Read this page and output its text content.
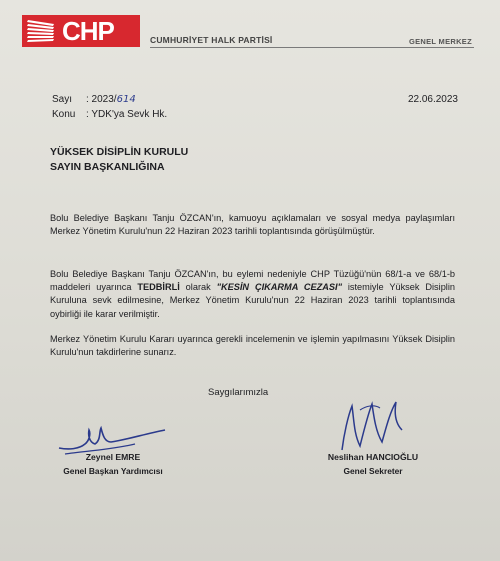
CHP	CUMHURİYET HALK PARTİSİ	GENEL MERKEZ
Sayı : 2023/614
Konu : YDK'ya Sevk Hk.
22.06.2023
YÜKSEK DİSİPLİN KURULU
SAYIN BAŞKANLIĞINA
Bolu Belediye Başkanı Tanju ÖZCAN'ın, kamuoyu açıklamaları ve sosyal medya paylaşımları Merkez Yönetim Kurulu'nun 22 Haziran 2023 tarihli toplantısında görüşülmüştür.
Bolu Belediye Başkanı Tanju ÖZCAN'ın, bu eylemi nedeniyle CHP Tüzüğü'nün 68/1-a ve 68/1-b maddeleri uyarınca TEDBİRLİ olarak "KESİN ÇIKARMA CEZASI" istemiyle Yüksek Disiplin Kuruluna sevk edilmesine, Merkez Yönetim Kurulu'nun 22 Haziran 2023 tarihli toplantısında oybirliği ile karar verilmiştir.
Merkez Yönetim Kurulu Kararı uyarınca gerekli incelemenin ve işlemin yapılmasını Yüksek Disiplin Kurulu'nun takdirlerine sunarız.
Saygılarımızla
Zeynel EMRE
Genel Başkan Yardımcısı
Neslihan HANCIOĞLU
Genel Sekreter
